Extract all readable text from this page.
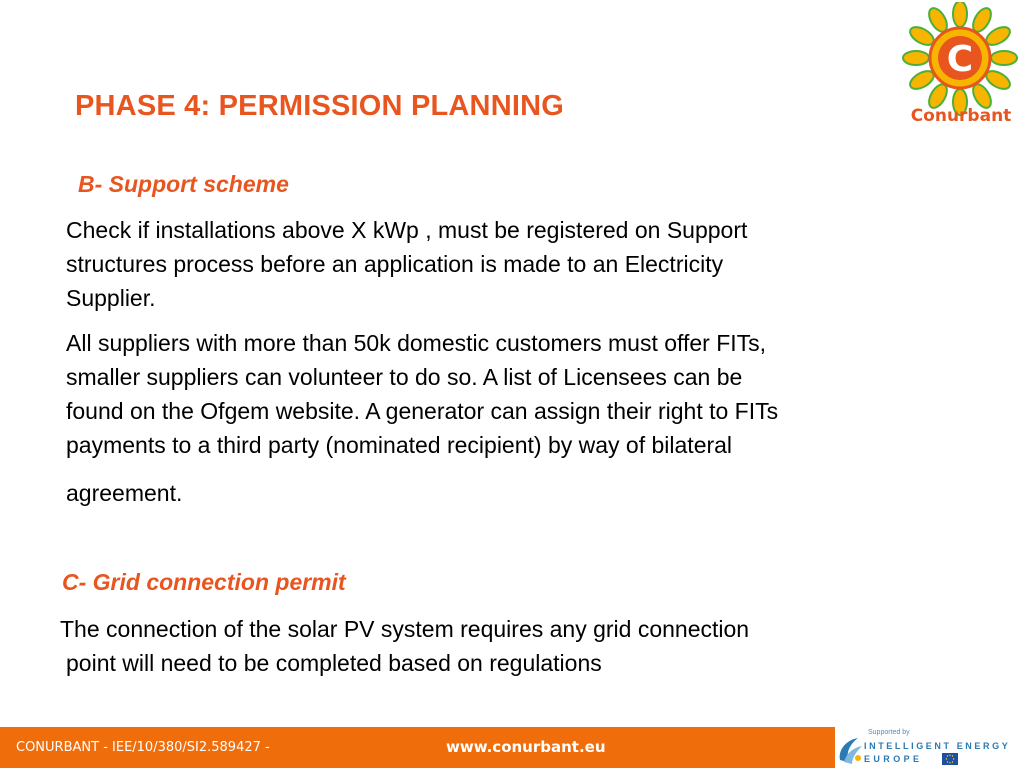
PHASE 4: PERMISSION PLANNING
C
Conurbant
B- Support scheme
Check if installations above X kWp , must be registered on Support
structures process before an application is made to an Electricity
Supplier.
All suppliers with more than 50k domestic customers must offer FITs,
smaller suppliers can volunteer to do so. A list of Licensees can be
found on the Ofgem website. A generator can assign their right to FITs
payments to a third party (nominated recipient) by way of bilateral
agreement.
C- Grid connection permit
The connection of the solar PV system requires any grid connection
point will need to be completed based on regulations
CONURBANT - IEE/10/380/SI2.589427 -	www.conurbant.eu
Supported by
INTELLIGENT ENERGY
EUROPE
